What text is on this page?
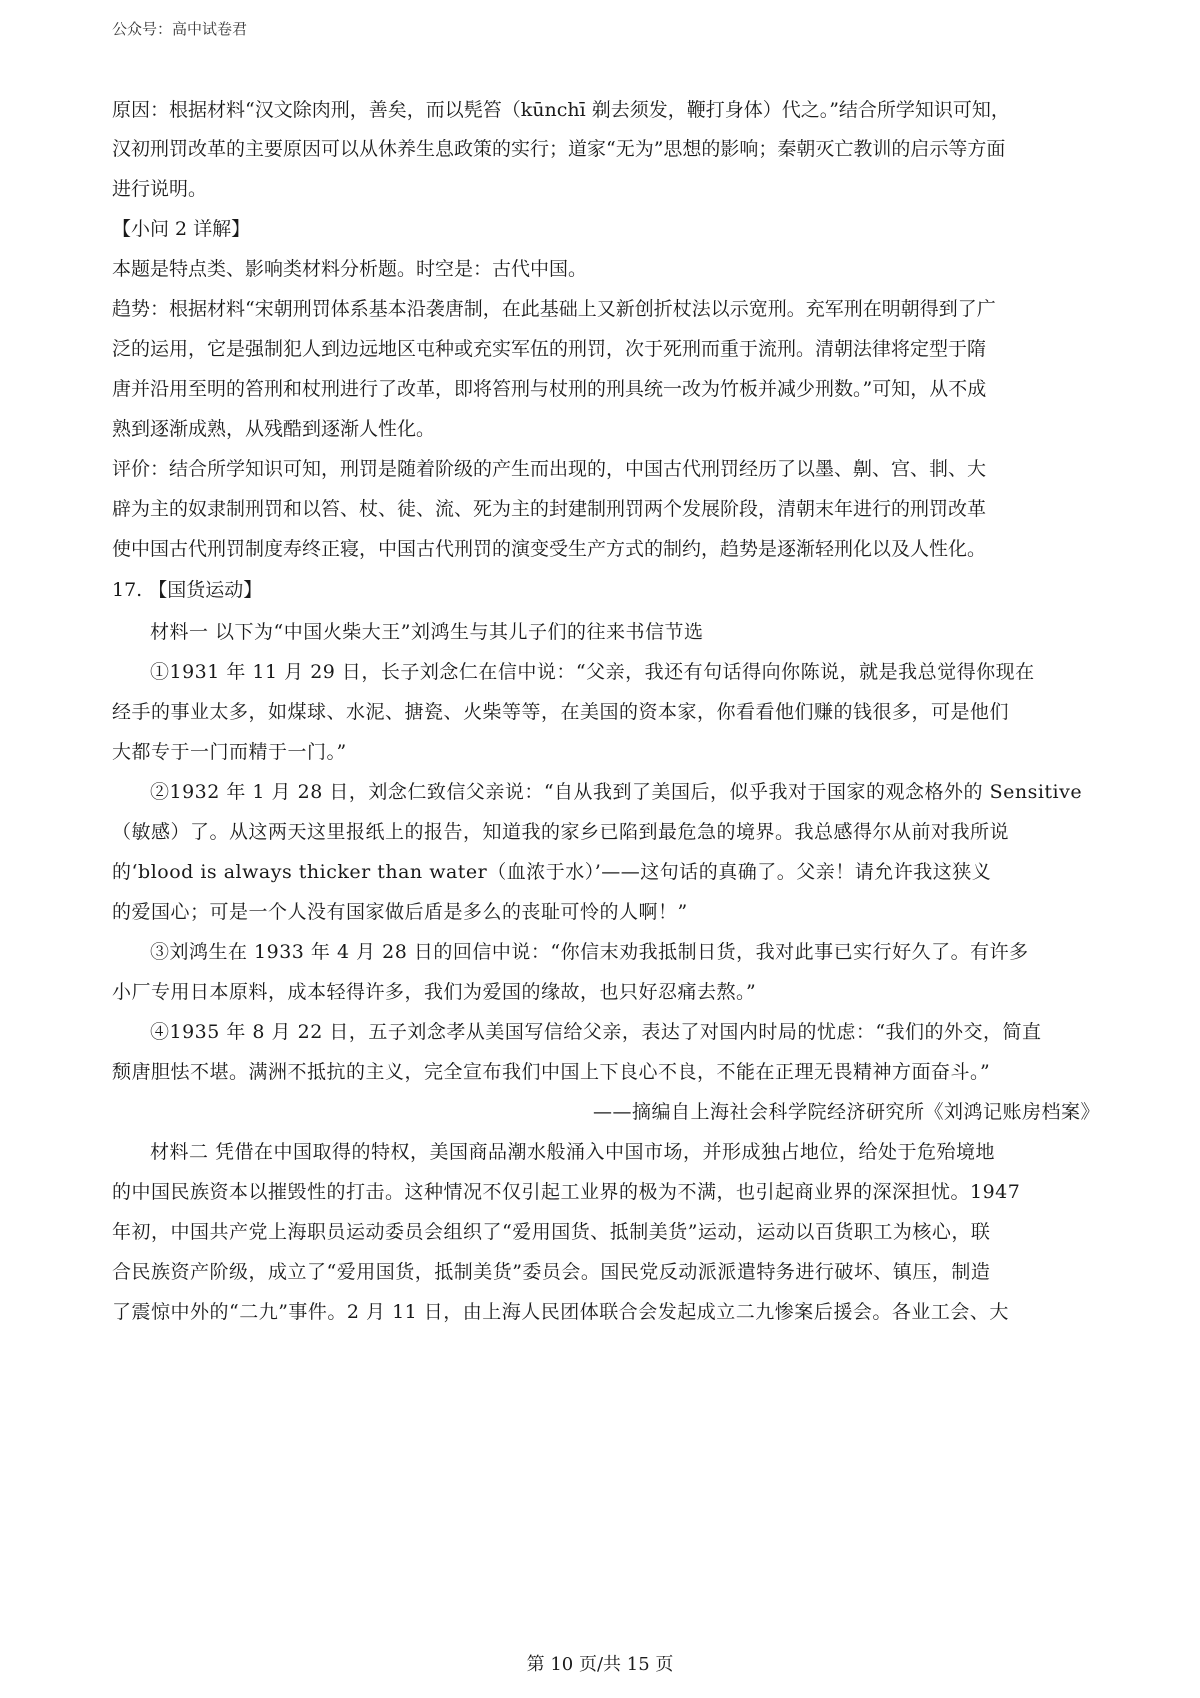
公众号：高中试卷君
原因：根据材料“汉文除肉刑，善矣，而以髡笞（kūnchī 剃去须发，鞭打身体）代之。”结合所学知识可知，
汉初刑罚改革的主要原因可以从休养生息政策的实行；道家“无为”思想的影响；秦朝灭亡教训的启示等方面
进行说明。
【小问 2 详解】
本题是特点类、影响类材料分析题。时空是：古代中国。
趋势：根据材料“宋朝刑罚体系基本沿袭唐制，在此基础上又新创折杖法以示宽刑。充军刑在明朝得到了广
泛的运用，它是强制犯人到边远地区屯种或充实军伍的刑罚，次于死刑而重于流刑。清朝法律将定型于隋
唐并沿用至明的笞刑和杖刑进行了改革，即将笞刑与杖刑的刑具统一改为竹板并减少刑数。”可知，从不成
熟到逐渐成熟，从残酷到逐渐人性化。
评价：结合所学知识可知，刑罚是随着阶级的产生而出现的，中国古代刑罚经历了以墨、劓、宫、剕、大
辟为主的奴隶制刑罚和以笞、杖、徒、流、死为主的封建制刑罚两个发展阶段，清朝末年进行的刑罚改革
使中国古代刑罚制度寿终正寝，中国古代刑罚的演变受生产方式的制约，趋势是逐渐轻刑化以及人性化。
17. 【国货运动】
材料一 以下为“中国火柴大王”刘鸿生与其儿子们的往来书信节选
①1931 年 11 月 29 日，长子刘念仁在信中说：“父亲，我还有句话得向你陈说，就是我总觉得你现在
经手的事业太多，如煤球、水泥、搪瓷、火柴等等，在美国的资本家，你看看他们赚的钱很多，可是他们
大都专于一门而精于一门。”
②1932 年 1 月 28 日，刘念仁致信父亲说：“自从我到了美国后，似乎我对于国家的观念格外的 Sensitive
（敏感）了。从这两天这里报纸上的报告，知道我的家乡已陷到最危急的境界。我总感得尔从前对我所说
的‘blood is always thicker than water（血浓于水）’——这句话的真确了。父亲！请允许我这狭义
的爱国心；可是一个人没有国家做后盾是多么的丧耻可怜的人啊！”
③刘鸿生在 1933 年 4 月 28 日的回信中说：“你信末劝我抵制日货，我对此事已实行好久了。有许多
小厂专用日本原料，成本轻得许多，我们为爱国的缘故，也只好忍痛去熬。”
④1935 年 8 月 22 日，五子刘念孝从美国写信给父亲，表达了对国内时局的忧虑：“我们的外交，简直
颓唐胆怯不堪。满洲不抵抗的主义，完全宣布我们中国上下良心不良，不能在正理无畏精神方面奋斗。”
——摘编自上海社会科学院经济研究所《刘鸿记账房档案》
材料二 凭借在中国取得的特权，美国商品潮水般涌入中国市场，并形成独占地位，给处于危殆境地
的中国民族资本以摧毁性的打击。这种情况不仅引起工业界的极为不满，也引起商业界的深深担忧。1947
年初，中国共产党上海职员运动委员会组织了“爱用国货、抵制美货”运动，运动以百货职工为核心，联
合民族资产阶级，成立了“爱用国货，抵制美货”委员会。国民党反动派派遣特务进行破坏、镇压，制造
了震惊中外的“二九”事件。2 月 11 日，由上海人民团体联合会发起成立二九惨案后援会。各业工会、大
第 10 页/共 15 页
